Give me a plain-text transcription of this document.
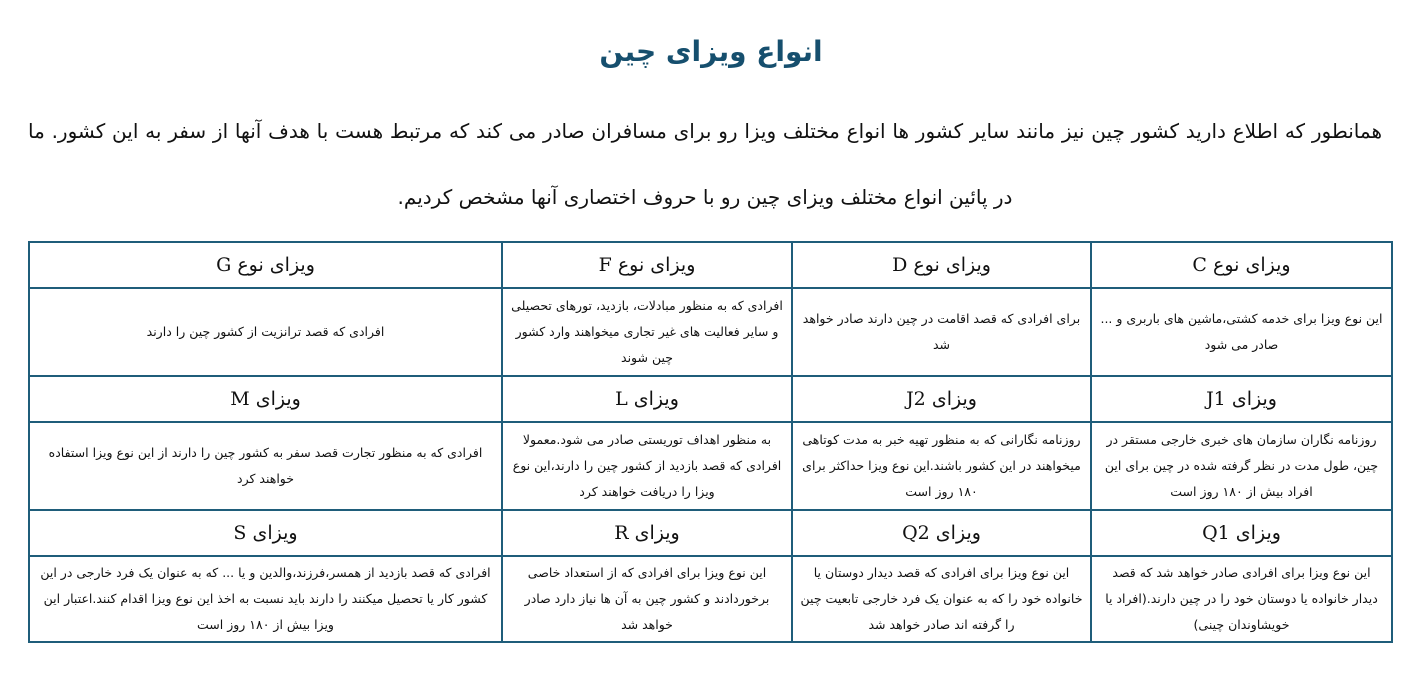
انواع ویزای چین

همانطور که اطلاع دارید کشور چین نیز مانند سایر کشور ها انواع مختلف ویزا رو برای مسافران صادر می کند که مرتبط هست با هدف آنها از سفر به این کشور. ما در پائین انواع مختلف ویزای چین رو با حروف اختصاری آنها مشخص کردیم.

ویزای نوع C	ویزای نوع D	ویزای نوع F	ویزای نوع G
این نوع ویزا برای خدمه کشتی،ماشین های باربری و ... صادر می شود	برای افرادی که قصد اقامت در چین دارند صادر خواهد شد	افرادی که به منظور مبادلات، بازدید، تورهای تحصیلی و سایر فعالیت های غیر تجاری میخواهند وارد کشور چین شوند	افرادی که قصد ترانزیت از کشور چین را دارند
ویزای J1	ویزای J2	ویزای L	ویزای M
روزنامه نگاران سازمان های خبری خارجی مستقر در چین، طول مدت در نظر گرفته شده در چین برای این افراد بیش از ۱۸۰ روز است	روزنامه نگارانی که به منظور تهیه خبر به مدت کوتاهی میخواهند در این کشور باشند.این نوع ویزا حداکثر برای ۱۸۰ روز است	به منظور اهداف توریستی صادر می شود.معمولا افرادی که قصد بازدید از کشور چین را دارند،این نوع ویزا را دریافت خواهند کرد	افرادی که به منظور تجارت قصد سفر به کشور چین را دارند از این نوع ویزا استفاده خواهند کرد
ویزای Q1	ویزای Q2	ویزای R	ویزای S
این نوع ویزا برای افرادی صادر خواهد شد که قصد دیدار خانواده یا دوستان خود را در چین دارند.(افراد یا خویشاوندان چینی)	این نوع ویزا برای افرادی که قصد دیدار دوستان یا خانواده خود را که به عنوان یک فرد خارجی تابعیت چین را گرفته اند صادر خواهد شد	این نوع ویزا برای افرادی که از استعداد خاصی برخوردادند و کشور چین به آن ها نیاز دارد صادر خواهد شد	افرادی که قصد بازدید از همسر،فرزند،والدین و یا ... که به عنوان یک فرد خارجی در این کشور کار یا تحصیل میکنند را دارند باید نسبت به اخذ این نوع ویزا اقدام کنند.اعتبار این ویزا بیش از ۱۸۰ روز است
